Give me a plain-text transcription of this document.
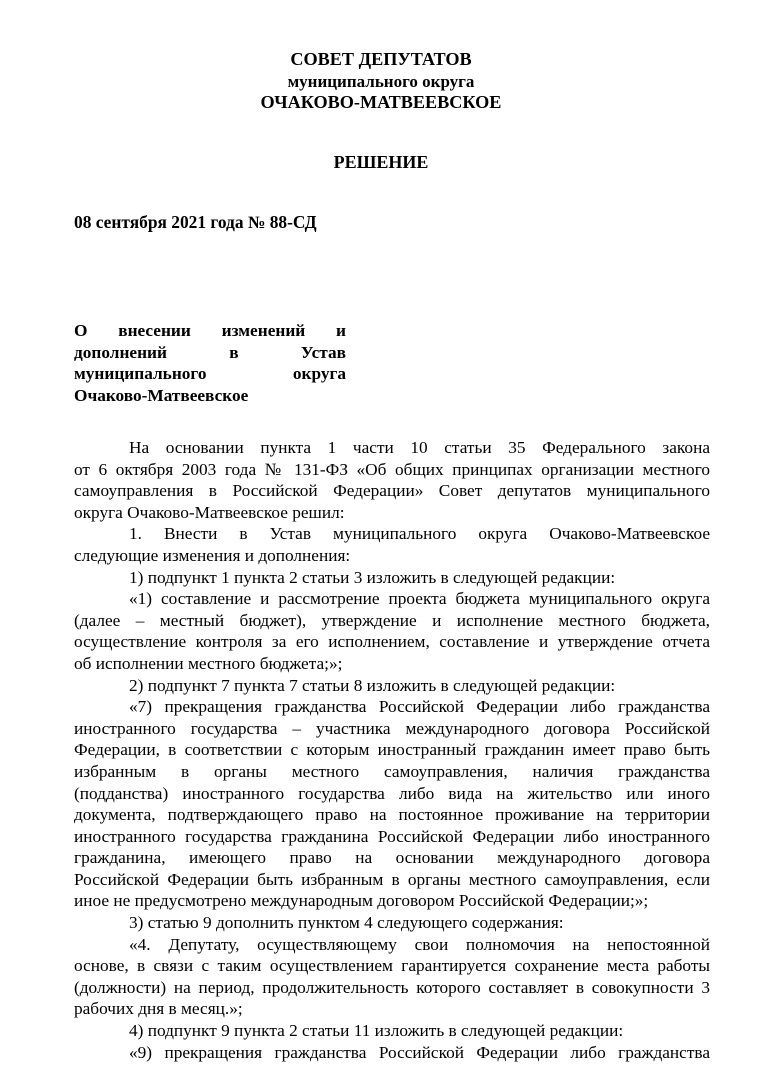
СОВЕТ ДЕПУТАТОВ

муниципального округа

ОЧАКОВО-МАТВЕЕВСКОЕ

РЕШЕНИЕ

08 сентября 2021 года № 88-СД

О внесении изменений и
дополнений в Устав
муниципального округа
Очаково-Матвеевское
На основании пункта 1 части 10 статьи 35 Федерального закона
от 6 октября 2003 года № 131-ФЗ «Об общих принципах организации местного
самоуправления в Российской Федерации» Совет депутатов муниципального
округа Очаково-Матвеевское решил:
1. Внести в Устав муниципального округа Очаково-Матвеевское
следующие изменения и дополнения:
1) подпункт 1 пункта 2 статьи 3 изложить в следующей редакции:
«1) составление и рассмотрение проекта бюджета муниципального округа
(далее – местный бюджет), утверждение и исполнение местного бюджета,
осуществление контроля за его исполнением, составление и утверждение отчета
об исполнении местного бюджета;»;
2) подпункт 7 пункта 7 статьи 8 изложить в следующей редакции:
«7) прекращения гражданства Российской Федерации либо гражданства
иностранного государства – участника международного договора Российской
Федерации, в соответствии с которым иностранный гражданин имеет право быть
избранным в органы местного самоуправления, наличия гражданства
(подданства) иностранного государства либо вида на жительство или иного
документа, подтверждающего право на постоянное проживание на территории
иностранного государства гражданина Российской Федерации либо иностранного
гражданина, имеющего право на основании международного договора
Российской Федерации быть избранным в органы местного самоуправления, если
иное не предусмотрено международным договором Российской Федерации;»;
3) статью 9 дополнить пунктом 4 следующего содержания:
«4. Депутату, осуществляющему свои полномочия на непостоянной
основе, в связи с таким осуществлением гарантируется сохранение места работы
(должности) на период, продолжительность которого составляет в совокупности 3
рабочих дня в месяц.»;
4) подпункт 9 пункта 2 статьи 11 изложить в следующей редакции:
«9) прекращения гражданства Российской Федерации либо гражданства
